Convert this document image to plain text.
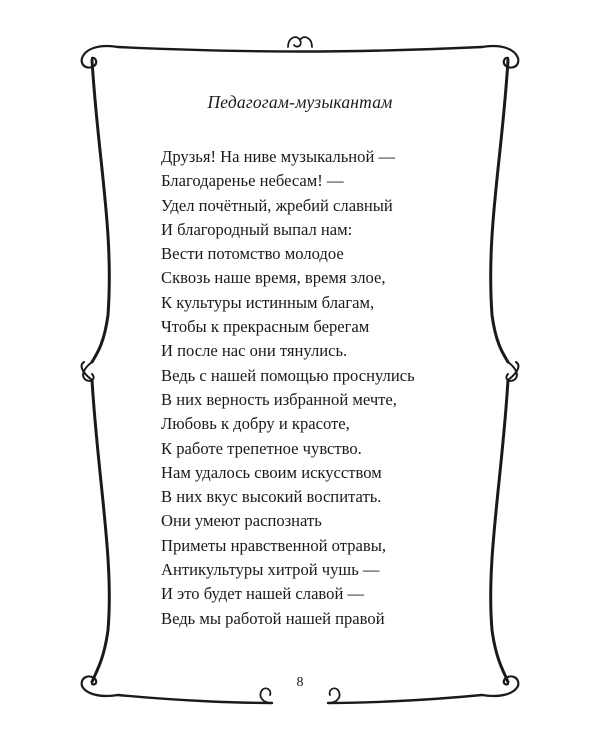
Педагогам-музыкантам
Друзья! На ниве музыкальной —
Благодаренье небесам! —
Удел почётный, жребий славный
И благородный выпал нам:
Вести потомство молодое
Сквозь наше время, время злое,
К культуры истинным благам,
Чтобы к прекрасным берегам
И после нас они тянулись.
Ведь с нашей помощью проснулись
В них верность избранной мечте,
Любовь к добру и красоте,
К работе трепетное чувство.
Нам удалось своим искусством
В них вкус высокий воспитать.
Они умеют распознать
Приметы нравственной отравы,
Антикультуры хитрой чушь —
И это будет нашей славой —
Ведь мы работой нашей правой
8
